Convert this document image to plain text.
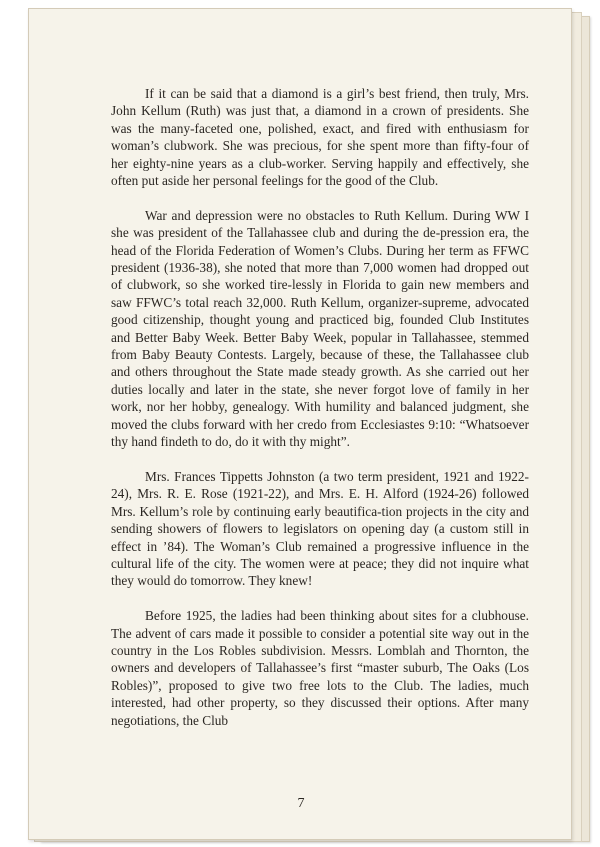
If it can be said that a diamond is a girl’s best friend, then truly, Mrs. John Kellum (Ruth) was just that, a diamond in a crown of presidents. She was the many-faceted one, polished, exact, and fired with enthusiasm for woman’s clubwork. She was precious, for she spent more than fifty-four of her eighty-nine years as a club-worker. Serving happily and effectively, she often put aside her personal feelings for the good of the Club.

War and depression were no obstacles to Ruth Kellum. During WW I she was president of the Tallahassee club and during the de-pression era, the head of the Florida Federation of Women’s Clubs. During her term as FFWC president (1936-38), she noted that more than 7,000 women had dropped out of clubwork, so she worked tire-lessly in Florida to gain new members and saw FFWC’s total reach 32,000. Ruth Kellum, organizer-supreme, advocated good citizenship, thought young and practiced big, founded Club Institutes and Better Baby Week. Better Baby Week, popular in Tallahassee, stemmed from Baby Beauty Contests. Largely, because of these, the Tallahassee club and others throughout the State made steady growth. As she carried out her duties locally and later in the state, she never forgot love of family in her work, nor her hobby, genealogy. With humility and balanced judgment, she moved the clubs forward with her credo from Ecclesiastes 9:10: “Whatsoever thy hand findeth to do, do it with thy might”.

Mrs. Frances Tippetts Johnston (a two term president, 1921 and 1922-24), Mrs. R. E. Rose (1921-22), and Mrs. E. H. Alford (1924-26) followed Mrs. Kellum’s role by continuing early beautifica-tion projects in the city and sending showers of flowers to legislators on opening day (a custom still in effect in ’84). The Woman’s Club remained a progressive influence in the cultural life of the city. The women were at peace; they did not inquire what they would do tomorrow. They knew!

Before 1925, the ladies had been thinking about sites for a clubhouse. The advent of cars made it possible to consider a potential site way out in the country in the Los Robles subdivision. Messrs. Lomblah and Thornton, the owners and developers of Tallahassee’s first “master suburb, The Oaks (Los Robles)”, proposed to give two free lots to the Club. The ladies, much interested, had other property, so they discussed their options. After many negotiations, the Club

7
